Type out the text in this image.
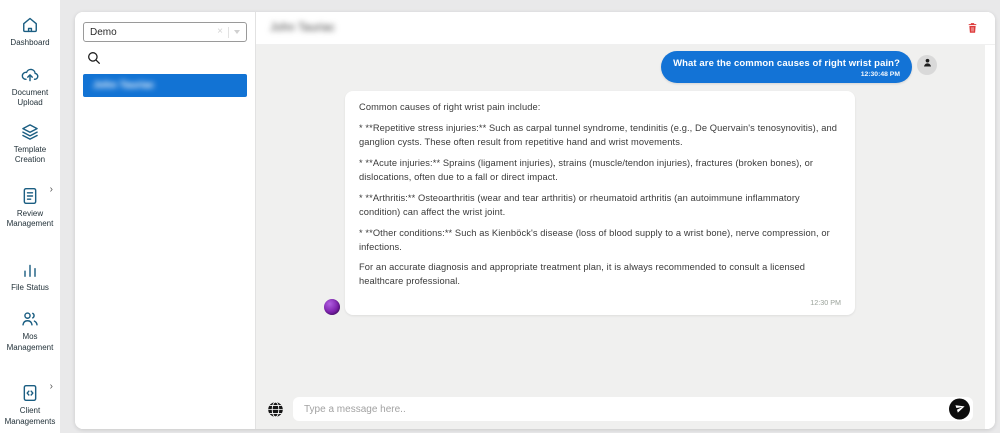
Dashboard
Document Upload
Template Creation
›
Review Management
File Status
Mos Management
›
Client Managements
Demo
×
John Tauriac
John Tauriac
What are the common causes of right wrist pain?
12:30:48 PM

Common causes of right wrist pain include:

* **Repetitive stress injuries:** Such as carpal tunnel syndrome, tendinitis (e.g., De Quervain's tenosynovitis), and ganglion cysts. These often result from repetitive hand and wrist movements.

* **Acute injuries:** Sprains (ligament injuries), strains (muscle/tendon injuries), fractures (broken bones), or dislocations, often due to a fall or direct impact.

* **Arthritis:** Osteoarthritis (wear and tear arthritis) or rheumatoid arthritis (an autoimmune inflammatory condition) can affect the wrist joint.

* **Other conditions:** Such as Kienböck's disease (loss of blood supply to a wrist bone), nerve compression, or infections.

For an accurate diagnosis and appropriate treatment plan, it is always recommended to consult a licensed healthcare professional.

12:30 PM
Type a message here..
